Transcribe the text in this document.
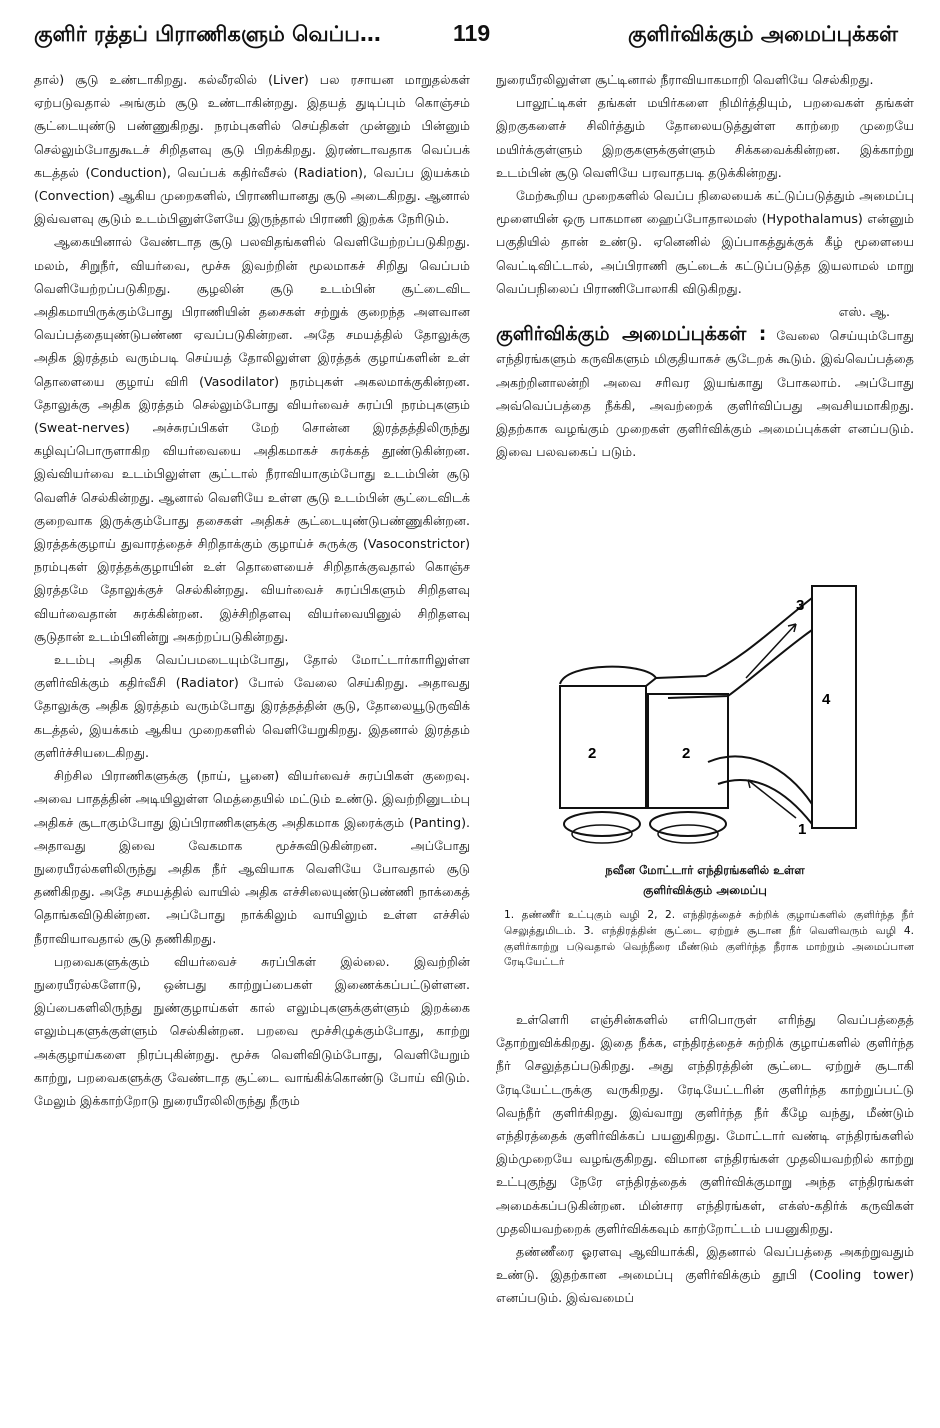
குளிர் ரத்தப் பிராணிகளும் வெப்ப…	119	குளிர்விக்கும் அமைப்புக்கள்

தால்) சூடு உண்டாகிறது. கல்லீரலில் (Liver) பல ரசாயன மாறுதல்கள் ஏற்படுவதால் அங்கும் சூடு உண்டாகின்றது. இதயத் துடிப்பும் கொஞ்சம் சூட்டையுண்டு பண்ணுகிறது. நரம்புகளில் செய்திகள் முன்னும் பின்னும் செல்லும்போதுகூடச் சிறிதளவு சூடு பிறக்கிறது. இரண்டாவதாக வெப்பக் கடத்தல் (Conduction), வெப்பக் கதிர்வீசல் (Radiation), வெப்ப இயக்கம் (Convection) ஆகிய முறைகளில், பிராணியானது சூடு அடைகிறது. ஆனால் இவ்வளவு சூடும் உடம்பினுள்ளேயே இருந்தால் பிராணி இறக்க நேரிடும்.

ஆகையினால் வேண்டாத சூடு பலவிதங்களில் வெளியேற்றப்படுகிறது. மலம், சிறுநீர், வியர்வை, மூச்சு இவற்றின் மூலமாகச் சிறிது வெப்பம் வெளியேற்றப்படுகிறது. சூழலின் சூடு உடம்பின் சூட்டைவிட அதிகமாயிருக்கும்போது பிராணியின் தசைகள் சற்றுக் குறைந்த அளவான வெப்பத்தையுண்டுபண்ண ஏவப்படுகின்றன. அதே சமயத்தில் தோலுக்கு அதிக இரத்தம் வரும்படி செய்யத் தோலிலுள்ள இரத்தக் குழாய்களின் உள் தொளையை குழாய் விரி (Vasodilator) நரம்புகள் அகலமாக்குகின்றன. தோலுக்கு அதிக இரத்தம் செல்லும்போது வியர்வைச் சுரப்பி நரம்புகளும் (Sweat-nerves) அச்சுரப்பிகள் மேற் சொன்ன இரத்தத்திலிருந்து கழிவுப்பொருளாகிற வியர்வையை அதிகமாகச் சுரக்கத் தூண்டுகின்றன. இவ்வியர்வை உடம்பிலுள்ள சூட்டால் நீராவியாகும்போது உடம்பின் சூடு வெளிச் செல்கின்றது. ஆனால் வெளியே உள்ள சூடு உடம்பின் சூட்டைவிடக் குறைவாக இருக்கும்போது தசைகள் அதிகச் சூட்டையுண்டுபண்ணுகின்றன. இரத்தக்குழாய் துவாரத்தைச் சிறிதாக்கும் குழாய்ச் சுருக்கு (Vasoconstrictor) நரம்புகள் இரத்தக்குழாயின் உள் தொளையைச் சிறிதாக்குவதால் கொஞ்ச இரத்தமே தோலுக்குச் செல்கின்றது. வியர்வைச் சுரப்பிகளும் சிறிதளவு வியர்வைதான் சுரக்கின்றன. இச்சிறிதளவு வியர்வையினுல் சிறிதளவு சூடுதான் உடம்பினின்று அகற்றப்படுகின்றது.

உடம்பு அதிக வெப்பமடையும்போது, தோல் மோட்டார்காரிலுள்ள குளிர்விக்கும் கதிர்வீசி (Radiator) போல் வேலை செய்கிறது. அதாவது தோலுக்கு அதிக இரத்தம் வரும்போது இரத்தத்தின் சூடு, தோலையூடுருவிக் கடத்தல், இயக்கம் ஆகிய முறைகளில் வெளியேறுகிறது. இதனால் இரத்தம் குளிர்ச்சியடைகிறது.

சிற்சில பிராணிகளுக்கு (நாய், பூனை) வியர்வைச் சுரப்பிகள் குறைவு. அவை பாதத்தின் அடியிலுள்ள மெத்தையில் மட்டும் உண்டு. இவற்றினுடம்பு அதிகச் சூடாகும்போது இப்பிராணிகளுக்கு அதிகமாக இரைக்கும் (Panting). அதாவது இவை வேகமாக மூச்சுவிடுகின்றன. அப்போது நுரையீரல்களிலிருந்து அதிக நீர் ஆவியாக வெளியே போவதால் சூடு தணிகிறது. அதே சமயத்தில் வாயில் அதிக எச்சிலையுண்டுபண்ணி நாக்கைத் தொங்கவிடுகின்றன. அப்போது நாக்கிலும் வாயிலும் உள்ள எச்சில் நீராவியாவதால் சூடு தணிகிறது.

பறவைகளுக்கும் வியர்வைச் சுரப்பிகள் இல்லை. இவற்றின் நுரையீரல்களோடு, ஒன்பது காற்றுப்பைகள் இணைக்கப்பட்டுள்ளன. இப்பைகளிலிருந்து நுண்குழாய்கள் கால் எலும்புகளுக்குள்ளும் இறக்கை எலும்புகளுக்குள்ளும் செல்கின்றன. பறவை மூச்சிழுக்கும்போது, காற்று அக்குழாய்களை நிரப்புகின்றது. மூச்சு வெளிவிடும்போது, வெளியேறும் காற்று, பறவைகளுக்கு வேண்டாத சூட்டை வாங்கிக்கொண்டு போய் விடும். மேலும் இக்காற்றோடு நுரையீரலிலிருந்து நீரும்

நுரையீரலிலுள்ள சூட்டினால் நீராவியாகமாறி வெளியே செல்கிறது.

பாலூட்டிகள் தங்கள் மயிர்களை நிமிர்த்தியும், பறவைகள் தங்கள் இறகுகளைச் சிலிர்த்தும் தோலையடுத்துள்ள காற்றை முறையே மயிர்க்குள்ளும் இறகுகளுக்குள்ளும் சிக்கவைக்கின்றன. இக்காற்று உடம்பின் சூடு வெளியே பரவாதபடி தடுக்கின்றது.

மேற்கூறிய முறைகளில் வெப்ப நிலையைக் கட்டுப்படுத்தும் அமைப்பு மூளையின் ஒரு பாகமான ஹைப்போதாலமஸ் (Hypothalamus) என்னும் பகுதியில் தான் உண்டு. ஏனெனில் இப்பாகத்துக்குக் கீழ் மூளையை வெட்டிவிட்டால், அப்பிராணி சூட்டைக் கட்டுப்படுத்த இயலாமல் மாறு வெப்பநிலைப் பிராணிபோலாகி விடுகிறது.

எஸ். ஆ.

குளிர்விக்கும் அமைப்புக்கள் : வேலை செய்யும்போது எந்திரங்களும் கருவிகளும் மிகுதியாகச் சூடேறக் கூடும். இவ்வெப்பத்தை அகற்றினாலன்றி அவை சரிவர இயங்காது போகலாம். அப்போது அவ்வெப்பத்தை நீக்கி, அவற்றைக் குளிர்விப்பது அவசியமாகிறது. இதற்காக வழங்கும் முறைகள் குளிர்விக்கும் அமைப்புக்கள் எனப்படும். இவை பலவகைப் படும்.

2	2
4
3
1
நவீன மோட்டார் எந்திரங்களில் உள்ள
குளிர்விக்கும் அமைப்பு
1. தண்ணீர் உட்புகும் வழி 2, 2. எந்திரத்தைச் சுற்றிக் குழாய்களில் குளிர்ந்த நீர் செலுத்துமிடம். 3. எந்திரத்தின் சூட்டை ஏற்றுச் சூடான நீர் வெளிவரும் வழி 4. குளிர்காற்று படுவதால் வெந்நீரை மீண்டும் குளிர்ந்த நீராக மாற்றும் அமைப்பான ரேடியேட்டர்

உள்ளெரி எஞ்சின்களில் எரிபொருள் எரிந்து வெப்பத்தைத் தோற்றுவிக்கிறது. இதை நீக்க, எந்திரத்தைச் சுற்றிக் குழாய்களில் குளிர்ந்த நீர் செலுத்தப்படுகிறது. அது எந்திரத்தின் சூட்டை ஏற்றுச் சூடாகி ரேடியேட்டருக்கு வருகிறது. ரேடியேட்டரின் குளிர்ந்த காற்றுப்பட்டு வெந்நீர் குளிர்கிறது. இவ்வாறு குளிர்ந்த நீர் கீழே வந்து, மீண்டும் எந்திரத்தைக் குளிர்விக்கப் பயனுகிறது. மோட்டார் வண்டி எந்திரங்களில் இம்முறையே வழங்குகிறது. விமான எந்திரங்கள் முதலியவற்றில் காற்று உட்புகுந்து நேரே எந்திரத்தைக் குளிர்விக்குமாறு அந்த எந்திரங்கள் அமைக்கப்படுகின்றன. மின்சார எந்திரங்கள், எக்ஸ்-கதிர்க் கருவிகள் முதலியவற்றைக் குளிர்விக்கவும் காற்றோட்டம் பயனுகிறது.

தண்ணீரை ஓரளவு ஆவியாக்கி, இதனால் வெப்பத்தை அகற்றுவதும் உண்டு. இதற்கான அமைப்பு குளிர்விக்கும் தூபி (Cooling tower) எனப்படும். இவ்வமைப்
